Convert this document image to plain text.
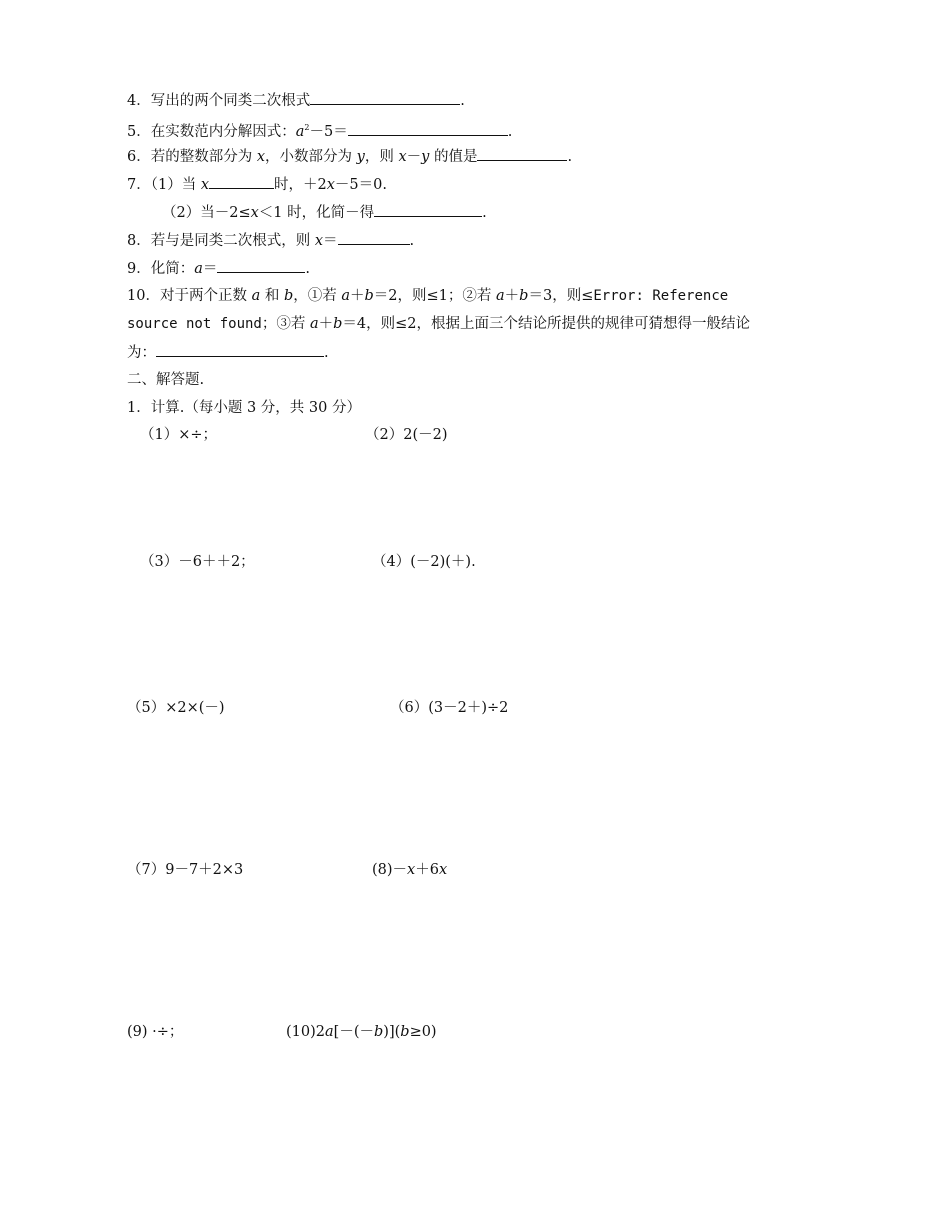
4．写出的两个同类二次根式	.
5．在实数范内分解因式：$a^2-5=$	.
6．若的整数部分为 x，小数部分为 y，则 x－y 的值是	.
7．（1）当 x	时，＋2x－5＝0.
（2）当－2≤x＜1 时，化简－得	.
8．若与是同类二次根式，则 x＝	.
9．化简：a＝	.
10．对于两个正数 a 和 b，①若 a＋b＝2，则≤1；②若 a＋b＝3，则≤Error: Reference
source not found；③若 a＋b＝4，则≤2，根据上面三个结论所提供的规律可猜想得一般结论
为：	.
二、解答题.
1．计算.（每小题 3 分，共 30 分）
（1）×÷；	（2）2(－2)
（3）－6＋＋2；	（4）(－2)(＋).
（5）×2×(－)	（6）(3－2＋)÷2
（7）9－7＋2×3	(8)－x＋6x
(9) ·÷；	(10)2a[－(－b)](b≥0)
